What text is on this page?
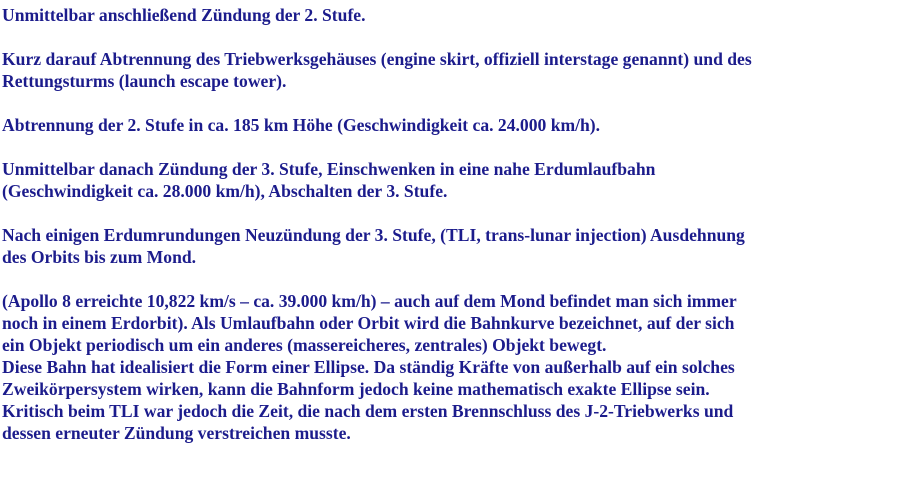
Unmittelbar anschließend Zündung der 2. Stufe.

Kurz darauf Abtrennung des Triebwerksgehäuses (engine skirt, offiziell interstage genannt) und des

Rettungsturms (launch escape tower).

Abtrennung der 2. Stufe in ca. 185 km Höhe (Geschwindigkeit ca. 24.000 km/h).

Unmittelbar danach Zündung der 3. Stufe, Einschwenken in eine nahe Erdumlaufbahn

(Geschwindigkeit ca. 28.000 km/h), Abschalten der 3. Stufe.

Nach einigen Erdumrundungen Neuzündung der 3. Stufe, (TLI, trans-lunar injection) Ausdehnung

des Orbits bis zum Mond.

(Apollo 8 erreichte 10,822 km/s – ca. 39.000 km/h) – auch auf dem Mond befindet man sich immer

noch in einem Erdorbit). Als Umlaufbahn oder Orbit wird die Bahnkurve bezeichnet, auf der sich

ein Objekt periodisch um ein anderes (massereicheres, zentrales) Objekt bewegt.

Diese Bahn hat idealisiert die Form einer Ellipse. Da ständig Kräfte von außerhalb auf ein solches

Zweikörpersystem wirken, kann die Bahnform jedoch keine mathematisch exakte Ellipse sein.

Kritisch beim TLI war jedoch die Zeit, die nach dem ersten Brennschluss des J-2-Triebwerks und

dessen erneuter Zündung verstreichen musste.
